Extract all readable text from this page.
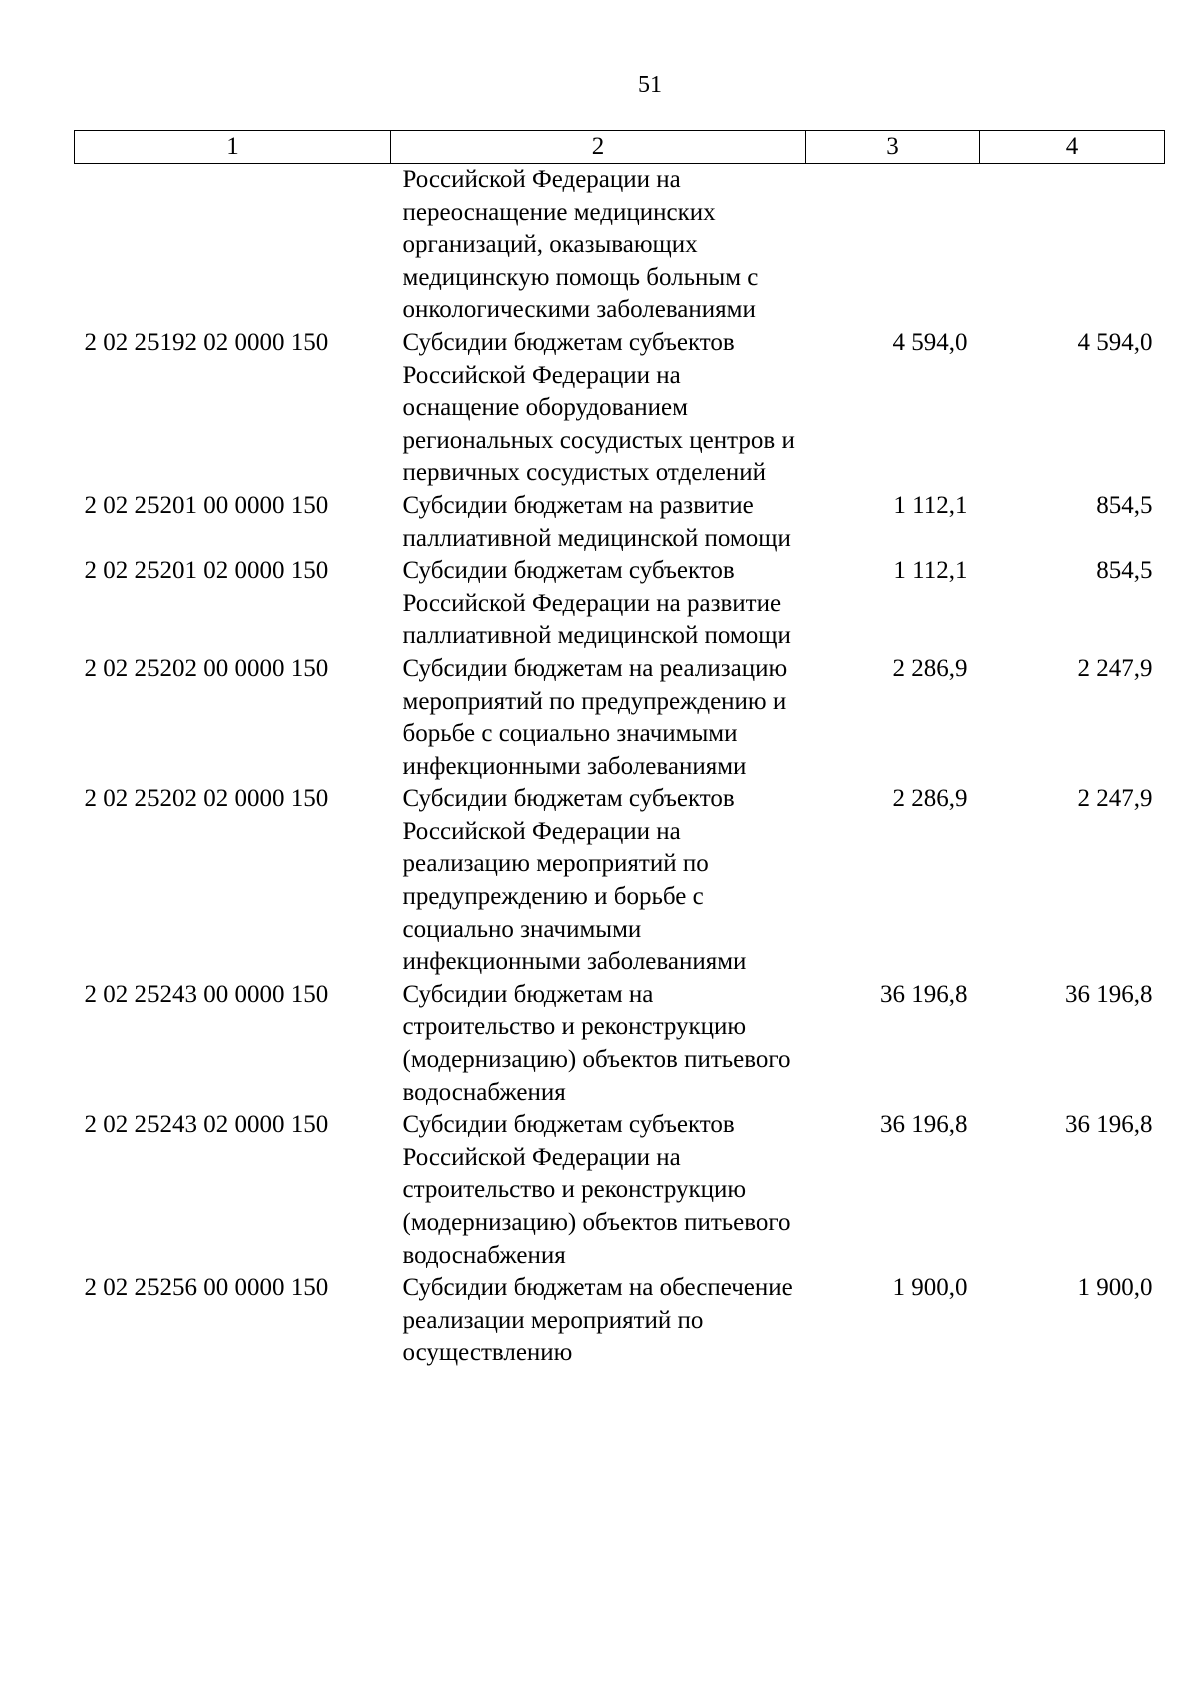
51
1	2	3	4
	Российской Федерации на переоснащение медицинских организаций, оказывающих медицинскую помощь больным с онкологическими заболеваниями		
2 02 25192 02 0000 150	Субсидии бюджетам субъектов Российской Федерации на оснащение оборудованием региональных сосудистых центров и первичных сосудистых отделений	4 594,0	4 594,0
2 02 25201 00 0000 150	Субсидии бюджетам на развитие паллиативной медицинской помощи	1 112,1	854,5
2 02 25201 02 0000 150	Субсидии бюджетам субъектов Российской Федерации на развитие паллиативной медицинской помощи	1 112,1	854,5
2 02 25202 00 0000 150	Субсидии бюджетам на реализацию мероприятий по предупреждению и борьбе с социально значимыми инфекционными заболеваниями	2 286,9	2 247,9
2 02 25202 02 0000 150	Субсидии бюджетам субъектов Российской Федерации на реализацию мероприятий по предупреждению и борьбе с социально значимыми инфекционными заболеваниями	2 286,9	2 247,9
2 02 25243 00 0000 150	Субсидии бюджетам на строительство и реконструкцию (модернизацию) объектов питьевого водоснабжения	36 196,8	36 196,8
2 02 25243 02 0000 150	Субсидии бюджетам субъектов Российской Федерации на строительство и реконструкцию (модернизацию) объектов питьевого водоснабжения	36 196,8	36 196,8
2 02 25256 00 0000 150	Субсидии бюджетам на обеспечение реализации мероприятий по осуществлению	1 900,0	1 900,0
